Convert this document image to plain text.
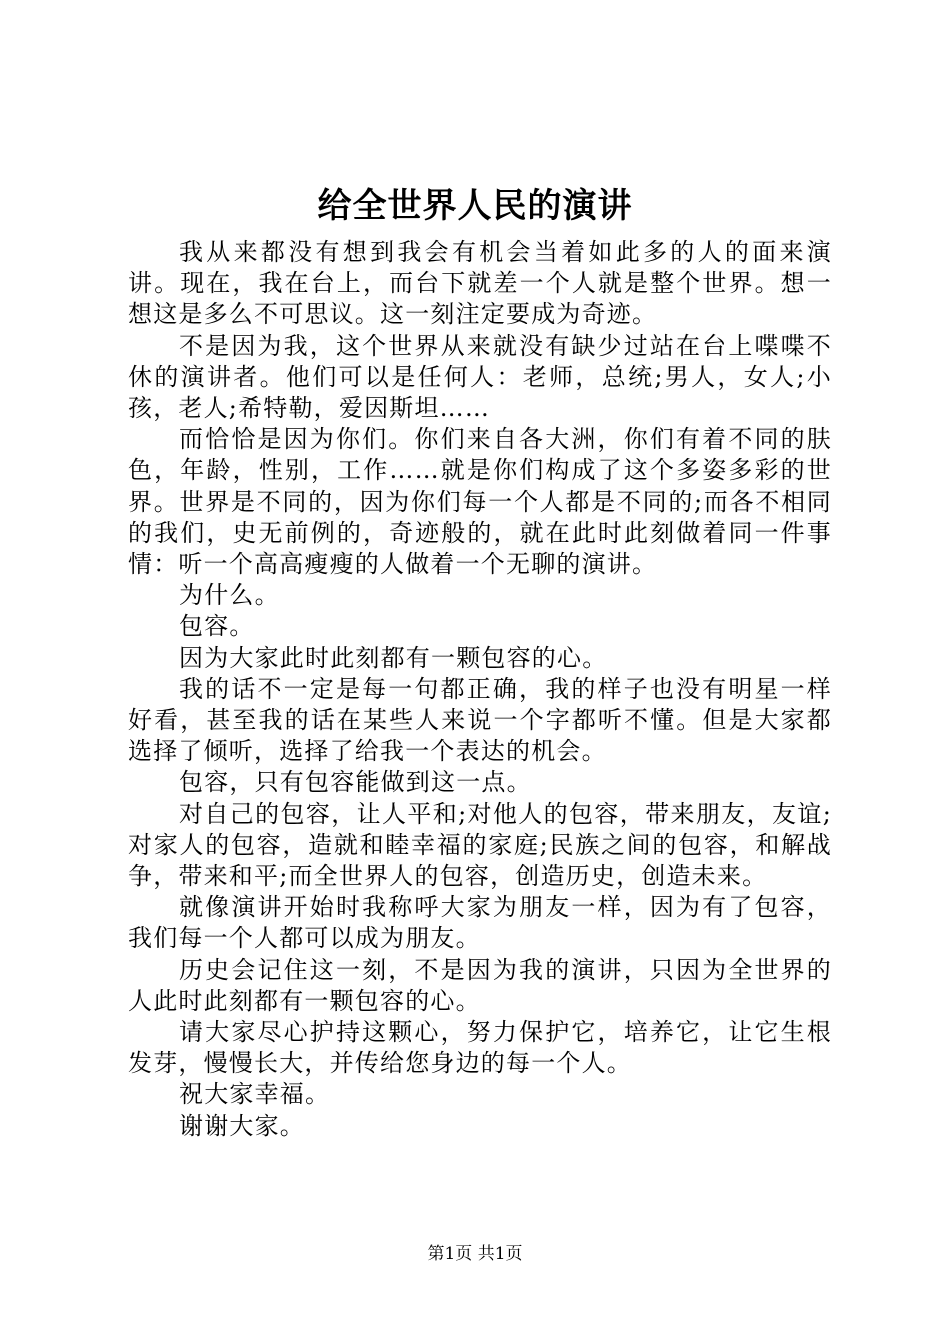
给全世界人民的演讲

我从来都没有想到我会有机会当着如此多的人的面来演讲。现在，我在台上，而台下就差一个人就是整个世界。想一想这是多么不可思议。这一刻注定要成为奇迹。

不是因为我，这个世界从来就没有缺少过站在台上喋喋不休的演讲者。他们可以是任何人：老师，总统;男人，女人;小孩，老人;希特勒，爱因斯坦……

而恰恰是因为你们。你们来自各大洲，你们有着不同的肤色，年龄，性别，工作……就是你们构成了这个多姿多彩的世界。世界是不同的，因为你们每一个人都是不同的;而各不相同的我们，史无前例的，奇迹般的，就在此时此刻做着同一件事情：听一个高高瘦瘦的人做着一个无聊的演讲。

为什么。

包容。

因为大家此时此刻都有一颗包容的心。

我的话不一定是每一句都正确，我的样子也没有明星一样好看，甚至我的话在某些人来说一个字都听不懂。但是大家都选择了倾听，选择了给我一个表达的机会。

包容，只有包容能做到这一点。

对自己的包容，让人平和;对他人的包容，带来朋友，友谊;对家人的包容，造就和睦幸福的家庭;民族之间的包容，和解战争，带来和平;而全世界人的包容，创造历史，创造未来。

就像演讲开始时我称呼大家为朋友一样，因为有了包容，我们每一个人都可以成为朋友。

历史会记住这一刻，不是因为我的演讲，只因为全世界的人此时此刻都有一颗包容的心。

请大家尽心护持这颗心，努力保护它，培养它，让它生根发芽，慢慢长大，并传给您身边的每一个人。

祝大家幸福。

谢谢大家。

第1页 共1页
